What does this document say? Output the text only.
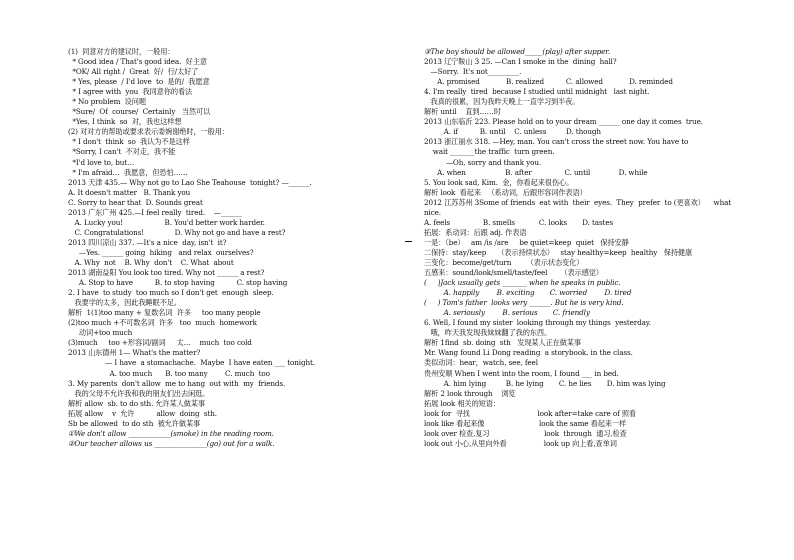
(1)  同意对方的建议时，一般用：
* Good idea / That's good idea.  好主意
*OK/ All right /  Great  好/  行/太好了
* Yes, please  / I'd love  to  是的/  我愿意
* I agree with  you  我同意你的看法
* No problem  设问题
*Sure/  Of  course/  Certainly   当然可以
*Yes, I think  so  对，我也这样想
(2) 对对方的帮助或要求表示委婉谢绝时，一般用：
* I don't  think  so  我认为不是这样
*Sorry, I can't  不对走，我不能
*I'd love to, but…
* I'm afraid…  我愿意，但恐怕……
2013 天津 435.— Why not go to Lao She Teahouse  tonight? —______.
A. It doesn't matter   B. Thank you
C. Sorry to hear that  D. Sounds great
2013 广东广州 425.—I feel really  tired.    —______
A. Lucky you!                   B. You'd better work harder.
C. Congratulations!              D. Why not go and have a rest?
2013 四川凉山 337. —It's a nice  day, isn't  it?
—Yes. ______ going  hiking   and relax  ourselves?
A. Why  not    B. Why  don't    C. What  about
2013 湖南益阳 You look too tired. Why not ______ a rest?
A. Stop to have          B. to stop having          C. stop having
2. I have  to study  too much so I don't get  enough  sleep.
我要学的太多，因此我睡眠不足。
解析  1(1)too many + 复数名词  许多     too many people
(2)too much +不可数名词  许多   too  much  homework
动词+too much
(3)much     too +形容词/副词     太…    much  too cold
2013 山东德州 1— What's the matter?
— I have  a stomachache.  Maybe  I have eaten ___ tonight.
A. too much      B. too many        C. much  too
3. My parents  don't allow  me to hang  out with  my  friends.
我的父母不允许我和我的朋友们出去闲逛。
解析 allow  sb. to do sth. 允许某人做某事
拓展 allow    v  允许          allow  doing  sth.
Sb be allowed  to do sth  被允许做某事
①We don't allow ____________(smoke) in the reading room.
②Our teacher allows us _______________(go) out for a walk.
③The boy should be allowed_____(play) after supper.
2013 辽宁鞍山 3 25. —Can I smoke in the  dining  hall?
—Sorry.  It's not_________.
A. promised            B. realized          C. allowed            D. reminded
4. I'm really  tired  because I studied until midnight   last night.
我真的很累，因为我昨天晚上一直学习到半夜。
解析 until    直到……时
2013 山东临沂 223. Please hold on to your dream ______ one day it comes  true.
A. if          B. until    C. unless         D. though
2013 浙江丽水 318. —Hey, man. You can't cross the street now. You have to
wait _______the traffic  turn green.
—Oh, sorry and thank you.
A. when                  B. after               C. until             D. while
5. You look sad, Kim.  金，你看起来很伤心。
解析 look  看起来   （系动词，后跟形容词作表语）
2012 江苏苏州 3Some of friends  eat with  their  eyes.  They  prefer  to (更喜欢）    what
nice.
A. feels               B. smells           C. looks       D. tastes
拓展：系动词：后跟 adj. 作表语
一是：（be）   am /is /are     be quiet=keep  quiet   保持安静
二保持：stay/keep     （表示持续状态）   stay healthy=keep  healthy   保持健康
三变化：become/get/turn       （表示状态变化）
五感来：sound/look/smell/taste/feel      （表示感觉）
(     )Jack usually gets _______ when he speaks in public.
A. happily        B. exciting       C. worried        D. tired
(     ) Tom's father  looks very ______. But he is very kind.
A. seriously        B. serious       C. friendly
6. Well, I found my sister  looking through my things  yesterday.
哦，昨天我发现我妹妹翻了我的东西。
解析 1find  sb. doing  sth   发现某人正在做某事
Mr. Wang found Li Dong reading  a storybook. in the class.
类似动词：hear，watch, see, feel
贵州安顺 When I went into the room, I found ___ in bed.
A. him lying         B. he lying       C. he lies       D. him was lying
解析 2 look through    浏览
拓展 look 相关的短语：
look for  寻找                               look after=take care of 照看
look like 看起来像                         look the same 看起来一样
look over 检查,复习                         look  through  通习,检查
look out 小心,从里向外看                 look up 向上看,查单词
